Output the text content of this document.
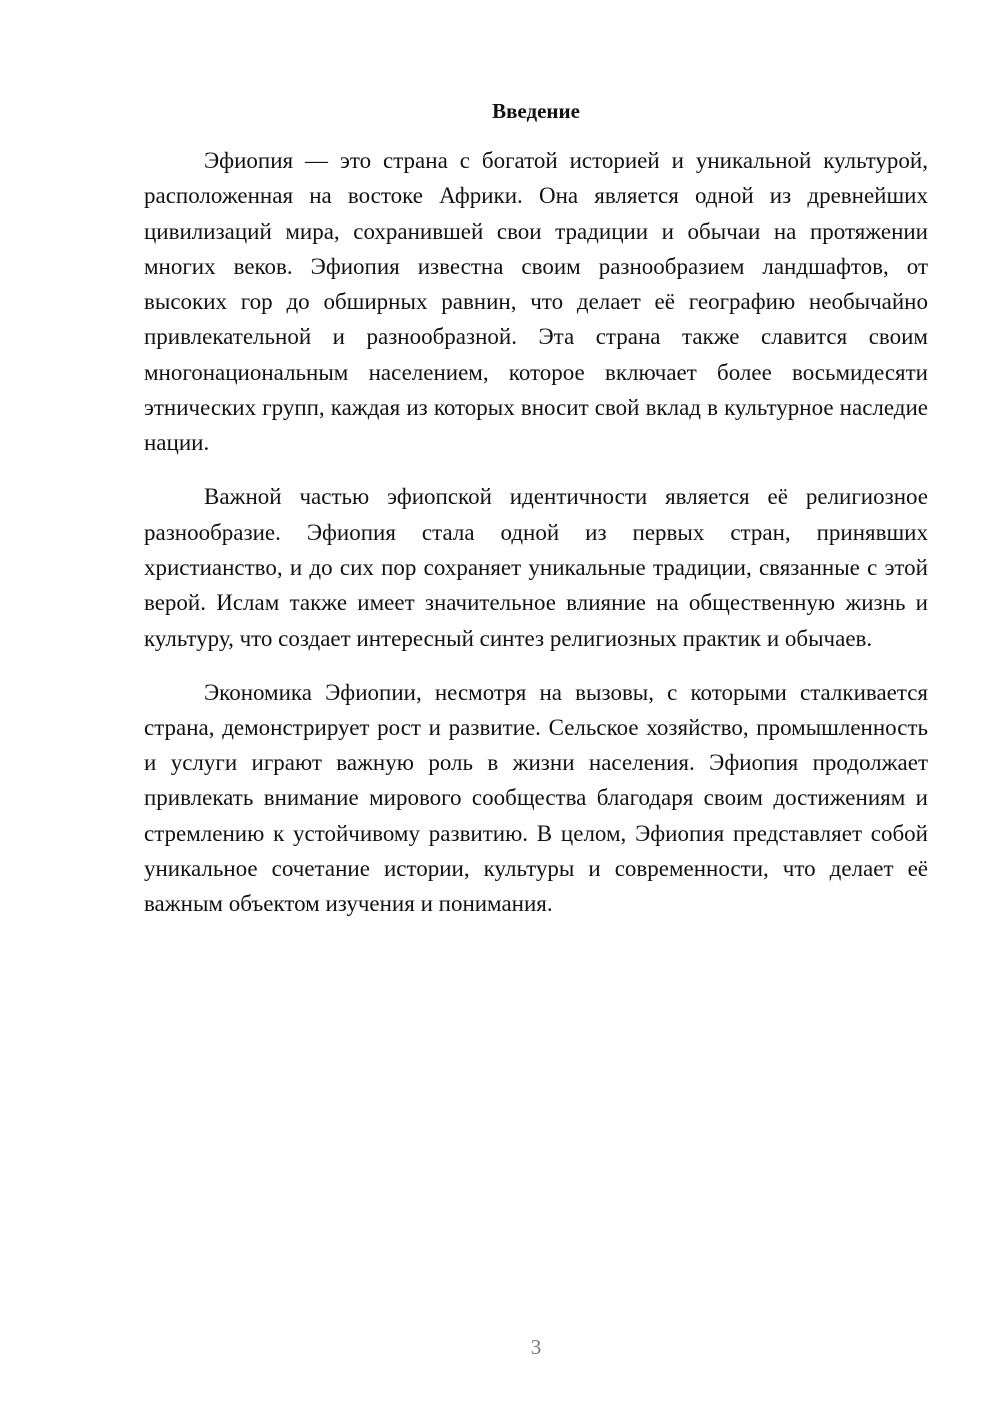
Введение

Эфиопия — это страна с богатой историей и уникальной культурой, расположенная на востоке Африки. Она является одной из древнейших цивилизаций мира, сохранившей свои традиции и обычаи на протяжении многих веков. Эфиопия известна своим разнообразием ландшафтов, от высоких гор до обширных равнин, что делает её географию необычайно привлекательной и разнообразной. Эта страна также славится своим многонациональным населением, которое включает более восьмидесяти этнических групп, каждая из которых вносит свой вклад в культурное наследие нации.

Важной частью эфиопской идентичности является её религиозное разнообразие. Эфиопия стала одной из первых стран, принявших христианство, и до сих пор сохраняет уникальные традиции, связанные с этой верой. Ислам также имеет значительное влияние на общественную жизнь и культуру, что создает интересный синтез религиозных практик и обычаев.

Экономика Эфиопии, несмотря на вызовы, с которыми сталкивается страна, демонстрирует рост и развитие. Сельское хозяйство, промышленность и услуги играют важную роль в жизни населения. Эфиопия продолжает привлекать внимание мирового сообщества благодаря своим достижениям и стремлению к устойчивому развитию. В целом, Эфиопия представляет собой уникальное сочетание истории, культуры и современности, что делает её важным объектом изучения и понимания.

3
